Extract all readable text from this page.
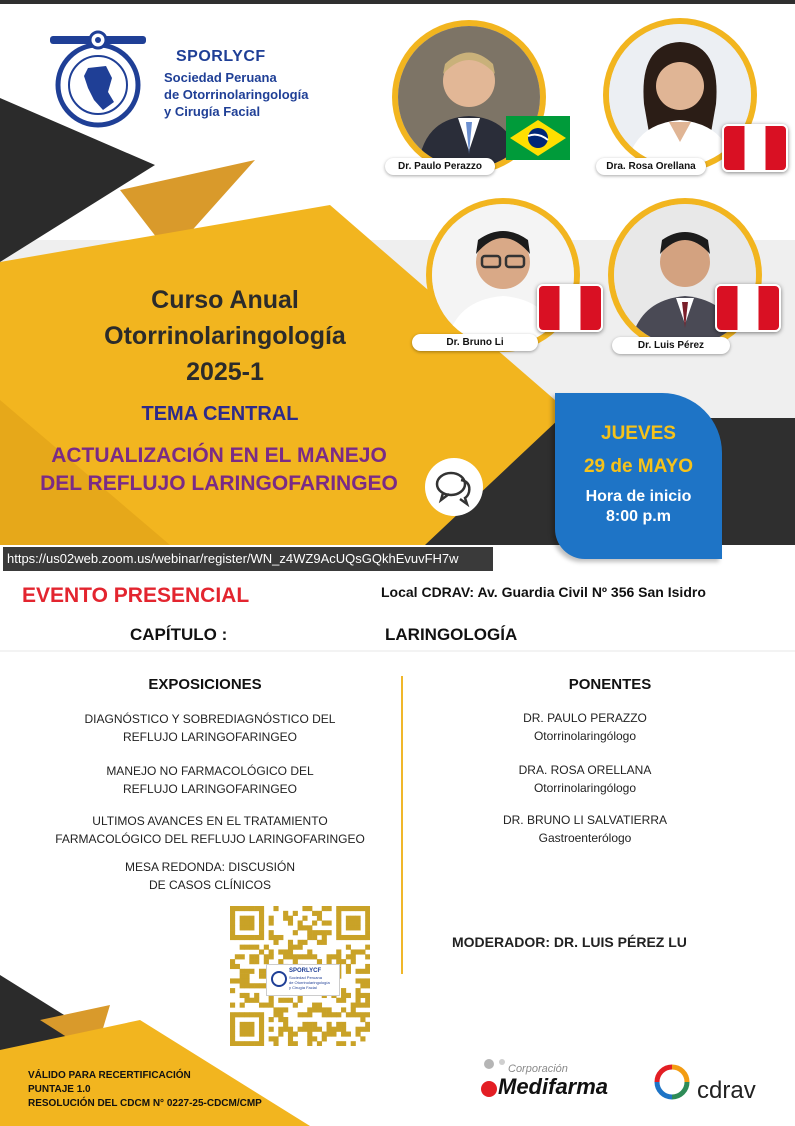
SPORLYCF
Sociedad Peruana
de Otorrinolaringología
y Cirugía Facial
Dr. Paulo Perazzo	Dra. Rosa Orellana
Dr. Bruno Li	Dr. Luis Pérez
Curso Anual
Otorrinolaringología
2025-1
TEMA CENTRAL
ACTUALIZACIÓN EN EL MANEJO
DEL REFLUJO LARINGOFARINGEO
JUEVES
29 de MAYO
Hora de inicio
8:00 p.m
https://us02web.zoom.us/webinar/register/WN_z4WZ9AcUQsGQkhEvuvFH7w
EVENTO PRESENCIAL	Local CDRAV: Av. Guardia Civil Nº 356 San Isidro
CAPÍTULO :	LARINGOLOGÍA
EXPOSICIONES
DIAGNÓSTICO Y SOBREDIAGNÓSTICO DEL
REFLUJO LARINGOFARINGEO
MANEJO NO FARMACOLÓGICO DEL
REFLUJO LARINGOFARINGEO
ULTIMOS AVANCES EN EL TRATAMIENTO
FARMACOLÓGICO DEL REFLUJO LARINGOFARINGEO
MESA REDONDA: DISCUSIÓN
DE CASOS CLÍNICOS
PONENTES
DR. PAULO PERAZZO
Otorrinolaringólogo
DRA. ROSA ORELLANA
Otorrinolaringólogo
DR. BRUNO LI SALVATIERRA
Gastroenterólogo
MODERADOR: DR. LUIS PÉREZ LU
SPORLYCF
Sociedad Peruana
de Otorrinolaringología
y Cirugía Facial
VÁLIDO PARA RECERTIFICACIÓN
PUNTAJE 1.0
RESOLUCIÓN DEL CDCM N° 0227-25-CDCM/CMP
Corporación
Medifarma	cdrav
